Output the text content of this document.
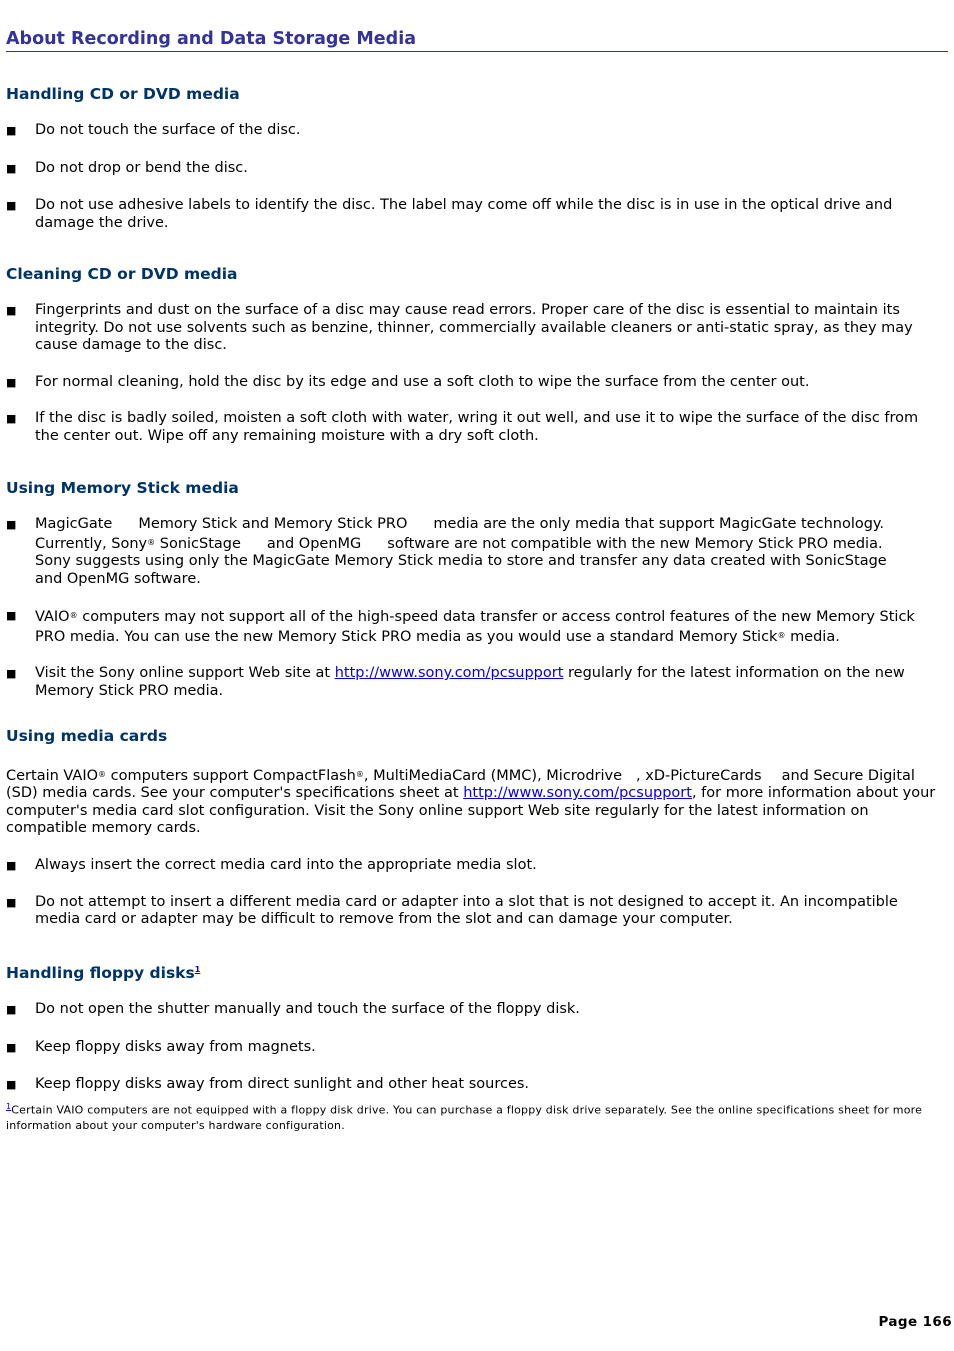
About Recording and Data Storage Media
Handling CD or DVD media
■ Do not touch the surface of the disc.
■ Do not drop or bend the disc.
■ Do not use adhesive labels to identify the disc. The label may come off while the disc is in use in the optical drive and damage the drive.
Cleaning CD or DVD media
■ Fingerprints and dust on the surface of a disc may cause read errors. Proper care of the disc is essential to maintain its integrity. Do not use solvents such as benzine, thinner, commercially available cleaners or anti-static spray, as they may cause damage to the disc.
■ For normal cleaning, hold the disc by its edge and use a soft cloth to wipe the surface from the center out.
■ If the disc is badly soiled, moisten a soft cloth with water, wring it out well, and use it to wipe the surface of the disc from the center out. Wipe off any remaining moisture with a dry soft cloth.
Using Memory Stick media
■ MagicGate Memory Stick and Memory Stick PRO media are the only media that support MagicGate technology. Currently, Sony® SonicStage and OpenMG software are not compatible with the new Memory Stick PRO media. Sony suggests using only the MagicGate Memory Stick media to store and transfer any data created with SonicStage and OpenMG software.
■ VAIO® computers may not support all of the high-speed data transfer or access control features of the new Memory Stick PRO media. You can use the new Memory Stick PRO media as you would use a standard Memory Stick® media.
■ Visit the Sony online support Web site at http://www.sony.com/pcsupport regularly for the latest information on the new Memory Stick PRO media.
Using media cards

Certain VAIO® computers support CompactFlash®, MultiMediaCard (MMC), Microdrive , xD-PictureCards and Secure Digital (SD) media cards. See your computer's specifications sheet at http://www.sony.com/pcsupport, for more information about your computer's media card slot configuration. Visit the Sony online support Web site regularly for the latest information on compatible memory cards.

■ Always insert the correct media card into the appropriate media slot.
■ Do not attempt to insert a different media card or adapter into a slot that is not designed to accept it. An incompatible media card or adapter may be difficult to remove from the slot and can damage your computer.
Handling floppy disks$^1$
■ Do not open the shutter manually and touch the surface of the floppy disk.
■ Keep floppy disks away from magnets.
■ Keep floppy disks away from direct sunlight and other heat sources.
$^1$Certain VAIO computers are not equipped with a floppy disk drive. You can purchase a floppy disk drive separately. See the online specifications sheet for more information about your computer's hardware configuration.
Page 166
